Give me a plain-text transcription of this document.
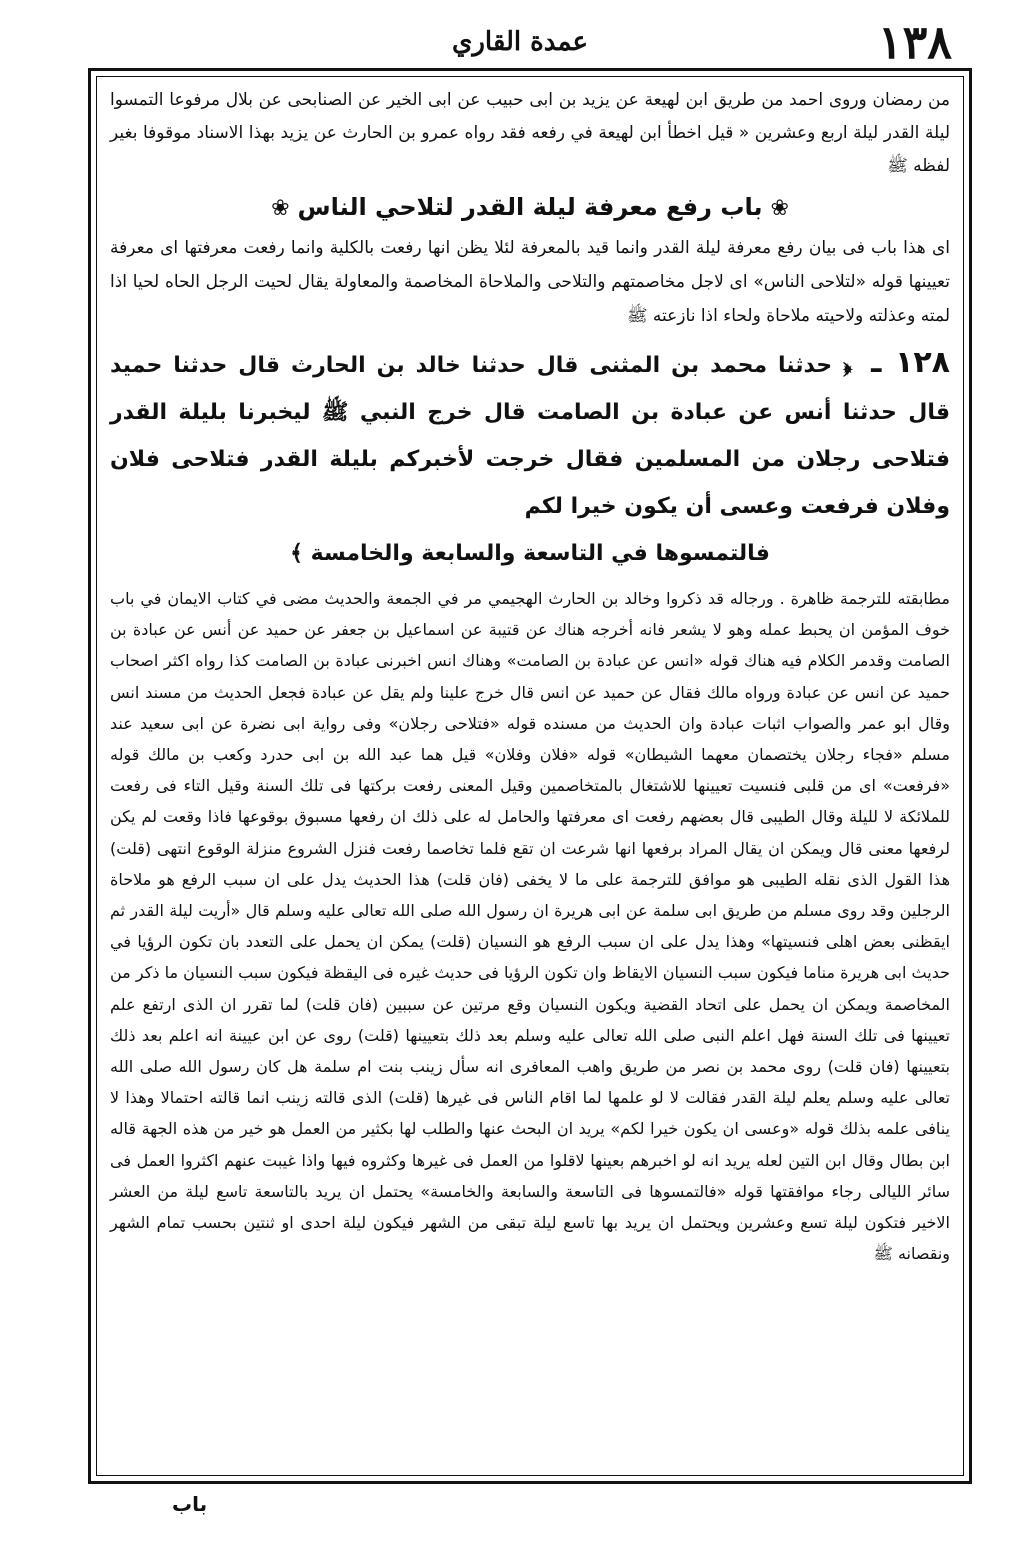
١٣٨
عمدة القاري

من رمضان وروى احمد من طريق ابن لهيعة عن يزيد بن ابى حبيب عن ابى الخير عن الصنابحى عن بلال مرفوعا التمسوا ليلة القدر ليلة اربع وعشرين « قيل اخطأ ابن لهيعة في رفعه فقد رواه عمرو بن الحارث عن يزيد بهذا الاسناد موقوفا بغير لفظه ﷺ

❀باب رفع معرفة ليلة القدر لتلاحي الناس❀

اى هذا باب فى بيان رفع معرفة ليلة القدر وانما قيد بالمعرفة لئلا يظن انها رفعت بالكلية وانما رفعت معرفتها اى معرفة تعيينها قوله «لتلاحى الناس» اى لاجل مخاصمتهم والتلاحى والملاحاة المخاصمة والمعاولة يقال لحيت الرجل الحاه لحيا اذا لمته وعذلته ولاحيته ملاحاة ولحاء اذا نازعته ﷺ

١٢٨ ـ ﴿ حدثنا محمد بن المثنى قال حدثنا خالد بن الحارث قال حدثنا حميد قال حدثنا أنس عن عبادة بن الصامت قال خرج النبي ﷺ ليخبرنا بليلة القدر فتلاحى رجلان من المسلمين فقال خرجت لأخبركم بليلة القدر فتلاحى فلان وفلان فرفعت وعسى أن يكون خيرا لكم
فالتمسوها في التاسعة والسابعة والخامسة ﴾

مطابقته للترجمة ظاهرة . ورجاله قد ذكروا وخالد بن الحارث الهجيمي مر في الجمعة والحديث مضى في كتاب الايمان في باب خوف المؤمن ان يحبط عمله وهو لا يشعر فانه أخرجه هناك عن قتيبة عن اسماعيل بن جعفر عن حميد عن أنس عن عبادة بن الصامت وقدمر الكلام فيه هناك قوله «انس عن عبادة بن الصامت» وهناك انس اخبرنى عبادة بن الصامت كذا رواه اكثر اصحاب حميد عن انس عن عبادة ورواه مالك فقال عن حميد عن انس قال خرج علينا ولم يقل عن عبادة فجعل الحديث من مسند انس وقال ابو عمر والصواب اثبات عبادة وان الحديث من مسنده قوله «فتلاحى رجلان» وفى رواية ابى نضرة عن ابى سعيد عند مسلم «فجاء رجلان يختصمان معهما الشيطان» قوله «فلان وفلان» قيل هما عبد الله بن ابى حدرد وكعب بن مالك قوله «فرفعت» اى من قلبى فنسيت تعيينها للاشتغال بالمتخاصمين وقيل المعنى رفعت بركتها فى تلك السنة وقيل التاء فى رفعت للملائكة لا لليلة وقال الطيبى قال بعضهم رفعت اى معرفتها والحامل له على ذلك ان رفعها مسبوق بوقوعها فاذا وقعت لم يكن لرفعها معنى قال ويمكن ان يقال المراد برفعها انها شرعت ان تقع فلما تخاصما رفعت فنزل الشروع منزلة الوقوع انتهى (قلت) هذا القول الذى نقله الطيبى هو موافق للترجمة على ما لا يخفى (فان قلت) هذا الحديث يدل على ان سبب الرفع هو ملاحاة الرجلين وقد روى مسلم من طريق ابى سلمة عن ابى هريرة ان رسول الله صلى الله تعالى عليه وسلم قال «أريت ليلة القدر ثم ايقظنى بعض اهلى فنسيتها» وهذا يدل على ان سبب الرفع هو النسيان (قلت) يمكن ان يحمل على التعدد بان تكون الرؤيا في حديث ابى هريرة مناما فيكون سبب النسيان الايقاظ وان تكون الرؤيا فى حديث غيره فى اليقظة فيكون سبب النسيان ما ذكر من المخاصمة ويمكن ان يحمل على اتحاد القضية ويكون النسيان وقع مرتين عن سببين (فان قلت) لما تقرر ان الذى ارتفع علم تعيينها فى تلك السنة فهل اعلم النبى صلى الله تعالى عليه وسلم بعد ذلك بتعيينها (قلت) روى عن ابن عيينة انه اعلم بعد ذلك بتعيينها (فان قلت) روى محمد بن نصر من طريق واهب المعافرى انه سأل زينب بنت ام سلمة هل كان رسول الله صلى الله تعالى عليه وسلم يعلم ليلة القدر فقالت لا لو علمها لما اقام الناس فى غيرها (قلت) الذى قالته زينب انما قالته احتمالا وهذا لا ينافى علمه بذلك قوله «وعسى ان يكون خيرا لكم» يريد ان البحث عنها والطلب لها بكثير من العمل هو خير من هذه الجهة قاله ابن بطال وقال ابن التين لعله يريد انه لو اخبرهم بعينها لاقلوا من العمل فى غيرها وكثروه فيها واذا غيبت عنهم اكثروا العمل فى سائر الليالى رجاء موافقتها قوله «فالتمسوها فى التاسعة والسابعة والخامسة» يحتمل ان يريد بالتاسعة تاسع ليلة من العشر الاخير فتكون ليلة تسع وعشرين ويحتمل ان يريد بها تاسع ليلة تبقى من الشهر فيكون ليلة احدى او ثنتين بحسب تمام الشهر ونقصانه ﷺ

باب
